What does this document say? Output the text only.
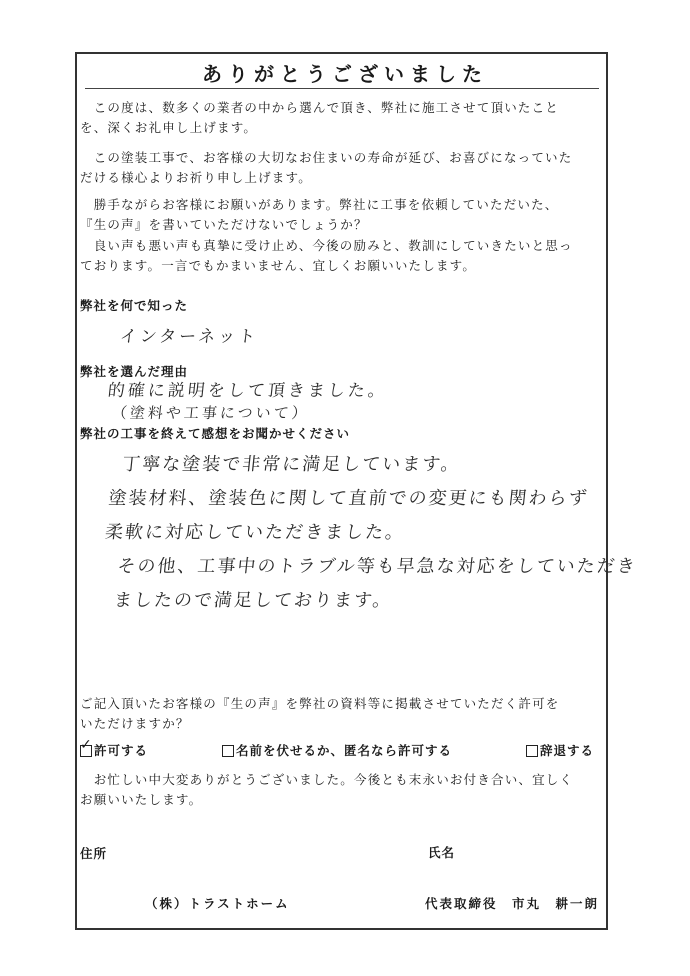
ありがとうございました
　この度は、数多くの業者の中から選んで頂き、弊社に施工させて頂いたこと
を、深くお礼申し上げます。
　この塗装工事で、お客様の大切なお住まいの寿命が延び、お喜びになっていた
だける様心よりお祈り申し上げます。
　勝手ながらお客様にお願いがあります。弊社に工事を依頼していただいた、
『生の声』を書いていただけないでしょうか？
　良い声も悪い声も真摯に受け止め、今後の励みと、教訓にしていきたいと思っ
ております。一言でもかまいません、宜しくお願いいたします。
弊社を何で知った
インターネット
弊社を選んだ理由
的確に説明をして頂きました。
（塗料や工事について）
弊社の工事を終えて感想をお聞かせください
丁寧な塗装で非常に満足しています。
塗装材料、塗装色に関して直前での変更にも関わらず
柔軟に対応していただきました。
その他、工事中のトラブル等も早急な対応をしていただき
ましたので満足しております。
ご記入頂いたお客様の『生の声』を弊社の資料等に掲載させていただく許可を
いただけますか？
✓ 許可する	名前を伏せるか、匿名なら許可する	辞退する
　お忙しい中大変ありがとうございました。今後とも末永いお付き合い、宜しく
お願いいたします。
住所	氏名
（株）トラストホーム	代表取締役　市丸　耕一朗
